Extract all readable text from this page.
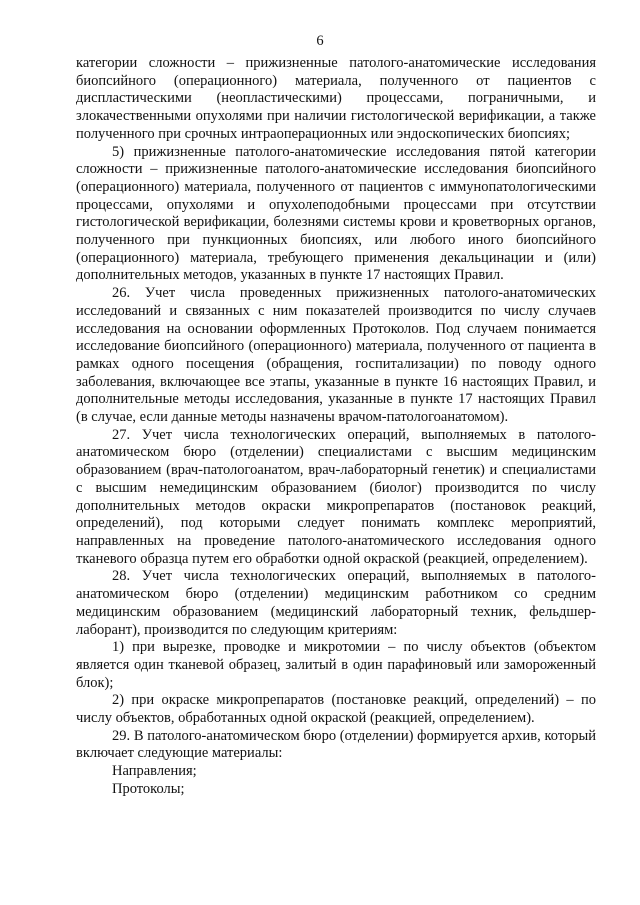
6

категории сложности – прижизненные патолого-анатомические исследования биопсийного (операционного) материала, полученного от пациентов с диспластическими (неопластическими) процессами, пограничными, и злокачественными опухолями при наличии гистологической верификации, а также полученного при срочных интраоперационных или эндоскопических биопсиях;

5) прижизненные патолого-анатомические исследования пятой категории сложности – прижизненные патолого-анатомические исследования биопсийного (операционного) материала, полученного от пациентов с иммунопатологическими процессами, опухолями и опухолеподобными процессами при отсутствии гистологической верификации, болезнями системы крови и кроветворных органов, полученного при пункционных биопсиях, или любого иного биопсийного (операционного) материала, требующего применения декальцинации и (или) дополнительных методов, указанных в пункте 17 настоящих Правил.

26. Учет числа проведенных прижизненных патолого-анатомических исследований и связанных с ним показателей производится по числу случаев исследования на основании оформленных Протоколов. Под случаем понимается исследование биопсийного (операционного) материала, полученного от пациента в рамках одного посещения (обращения, госпитализации) по поводу одного заболевания, включающее все этапы, указанные в пункте 16 настоящих Правил, и дополнительные методы исследования, указанные в пункте 17 настоящих Правил (в случае, если данные методы назначены врачом-патологоанатомом).

27. Учет числа технологических операций, выполняемых в патолого-анатомическом бюро (отделении) специалистами с высшим медицинским образованием (врач-патологоанатом, врач-лабораторный генетик) и специалистами с высшим немедицинским образованием (биолог) производится по числу дополнительных методов окраски микропрепаратов (постановок реакций, определений), под которыми следует понимать комплекс мероприятий, направленных на проведение патолого-анатомического исследования одного тканевого образца путем его обработки одной окраской (реакцией, определением).

28. Учет числа технологических операций, выполняемых в патолого-анатомическом бюро (отделении) медицинским работником со средним медицинским образованием (медицинский лабораторный техник, фельдшер-лаборант), производится по следующим критериям:

1) при вырезке, проводке и микротомии – по числу объектов (объектом является один тканевой образец, залитый в один парафиновый или замороженный блок);

2) при окраске микропрепаратов (постановке реакций, определений) – по числу объектов, обработанных одной окраской (реакцией, определением).

29. В патолого-анатомическом бюро (отделении) формируется архив, который включает следующие материалы:

Направления;

Протоколы;
